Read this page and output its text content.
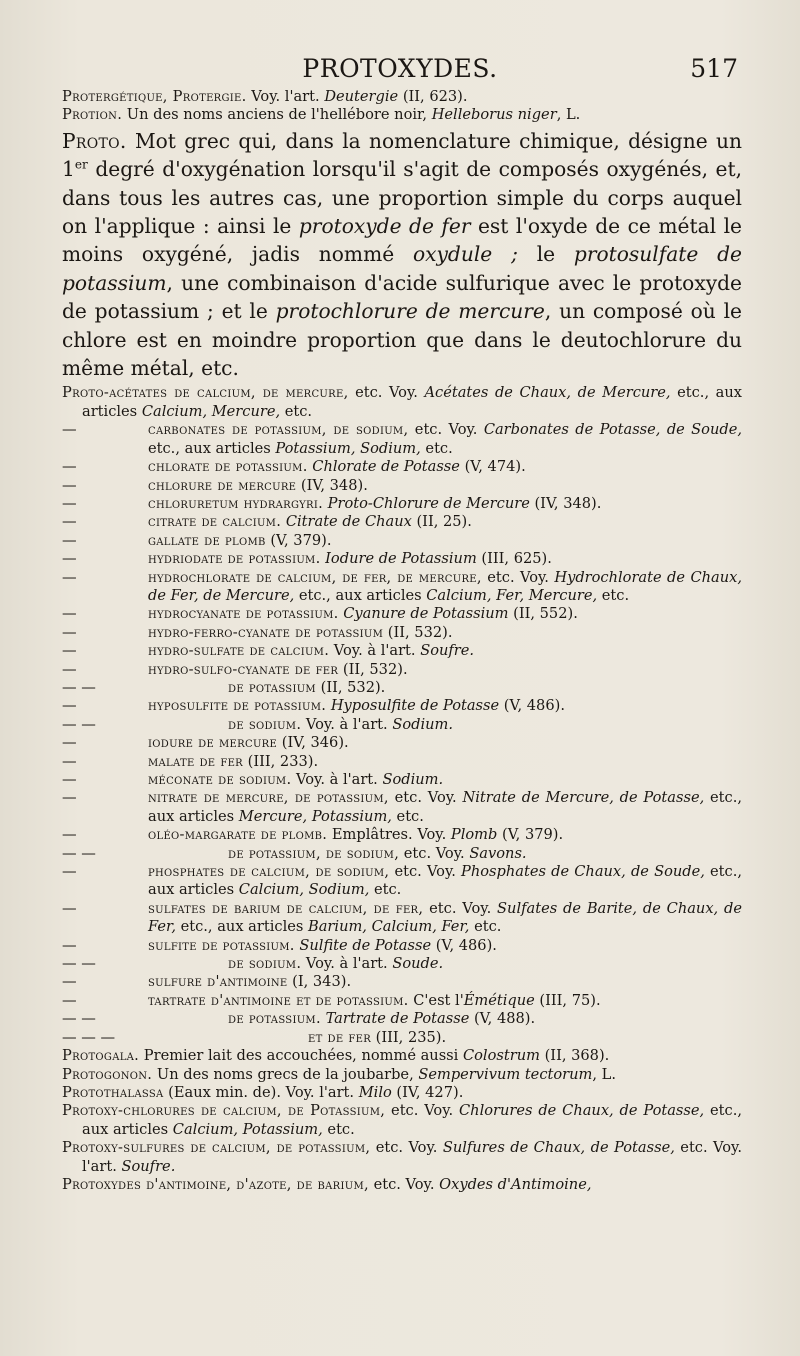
PROTOXYDES.	517

Protergétique, Protergie. Voy. l'art. Deutergie (II, 623).

Protion. Un des noms anciens de l'hellébore noir, Helleborus niger, L.

Proto. Mot grec qui, dans la nomenclature chimique, désigne un 1er degré d'oxygénation lorsqu'il s'agit de composés oxygénés, et, dans tous les autres cas, une proportion simple du corps auquel on l'applique : ainsi le protoxyde de fer est l'oxyde de ce métal le moins oxygéné, jadis nommé oxydule ; le protosulfate de potassium, une combinaison d'acide sulfurique avec le protoxyde de potassium ; et le protochlorure de mercure, un composé où le chlore est en moindre proportion que dans le deutochlorure du même métal, etc.

Proto-acétates de calcium, de mercure, etc. Voy. Acétates de Chaux, de Mercure, etc., aux articles Calcium, Mercure, etc.

—	carbonates de potassium, de sodium, etc. Voy. Carbonates de Potasse, de Soude, etc., aux articles Potassium, Sodium, etc.

—	chlorate de potassium. Chlorate de Potasse (V, 474).

—	chlorure de mercure (IV, 348).

—	chloruretum hydrargyri. Proto-Chlorure de Mercure (IV, 348).

—	citrate de calcium. Citrate de Chaux (II, 25).

—	gallate de plomb (V, 379).

—	hydriodate de potassium. Iodure de Potassium (III, 625).

—	hydrochlorate de calcium, de fer, de mercure, etc. Voy. Hydrochlorate de Chaux, de Fer, de Mercure, etc., aux articles Calcium, Fer, Mercure, etc.

—	hydrocyanate de potassium. Cyanure de Potassium (II, 552).

—	hydro-ferro-cyanate de potassium (II, 532).

—	hydro-sulfate de calcium. Voy. à l'art. Soufre.

—	hydro-sulfo-cyanate de fer (II, 532).

— —	de potassium (II, 532).

—	hyposulfite de potassium. Hyposulfite de Potasse (V, 486).

— —	de sodium. Voy. à l'art. Sodium.

—	iodure de mercure (IV, 346).

—	malate de fer (III, 233).

—	méconate de sodium. Voy. à l'art. Sodium.

—	nitrate de mercure, de potassium, etc. Voy. Nitrate de Mercure, de Potasse, etc., aux articles Mercure, Potassium, etc.

—	oléo-margarate de plomb. Emplâtres. Voy. Plomb (V, 379).

— —	de potassium, de sodium, etc. Voy. Savons.

—	phosphates de calcium, de sodium, etc. Voy. Phosphates de Chaux, de Soude, etc., aux articles Calcium, Sodium, etc.

—	sulfates de barium de calcium, de fer, etc. Voy. Sulfates de Barite, de Chaux, de Fer, etc., aux articles Barium, Calcium, Fer, etc.

—	sulfite de potassium. Sulfite de Potasse (V, 486).

— —	de sodium. Voy. à l'art. Soude.

—	sulfure d'antimoine (I, 343).

—	tartrate d'antimoine et de potassium. C'est l'Émétique (III, 75).

— —	de potassium. Tartrate de Potasse (V, 488).

— — —	et de fer (III, 235).

Protogala. Premier lait des accouchées, nommé aussi Colostrum (II, 368).

Protogonon. Un des noms grecs de la joubarbe, Sempervivum tectorum, L.

Protothalassa (Eaux min. de). Voy. l'art. Milo (IV, 427).

Protoxy-chlorures de calcium, de Potassium, etc. Voy. Chlorures de Chaux, de Potasse, etc., aux articles Calcium, Potassium, etc.

Protoxy-sulfures de calcium, de potassium, etc. Voy. Sulfures de Chaux, de Potasse, etc. Voy. l'art. Soufre.

Protoxydes d'antimoine, d'azote, de barium, etc. Voy. Oxydes d'Antimoine,
